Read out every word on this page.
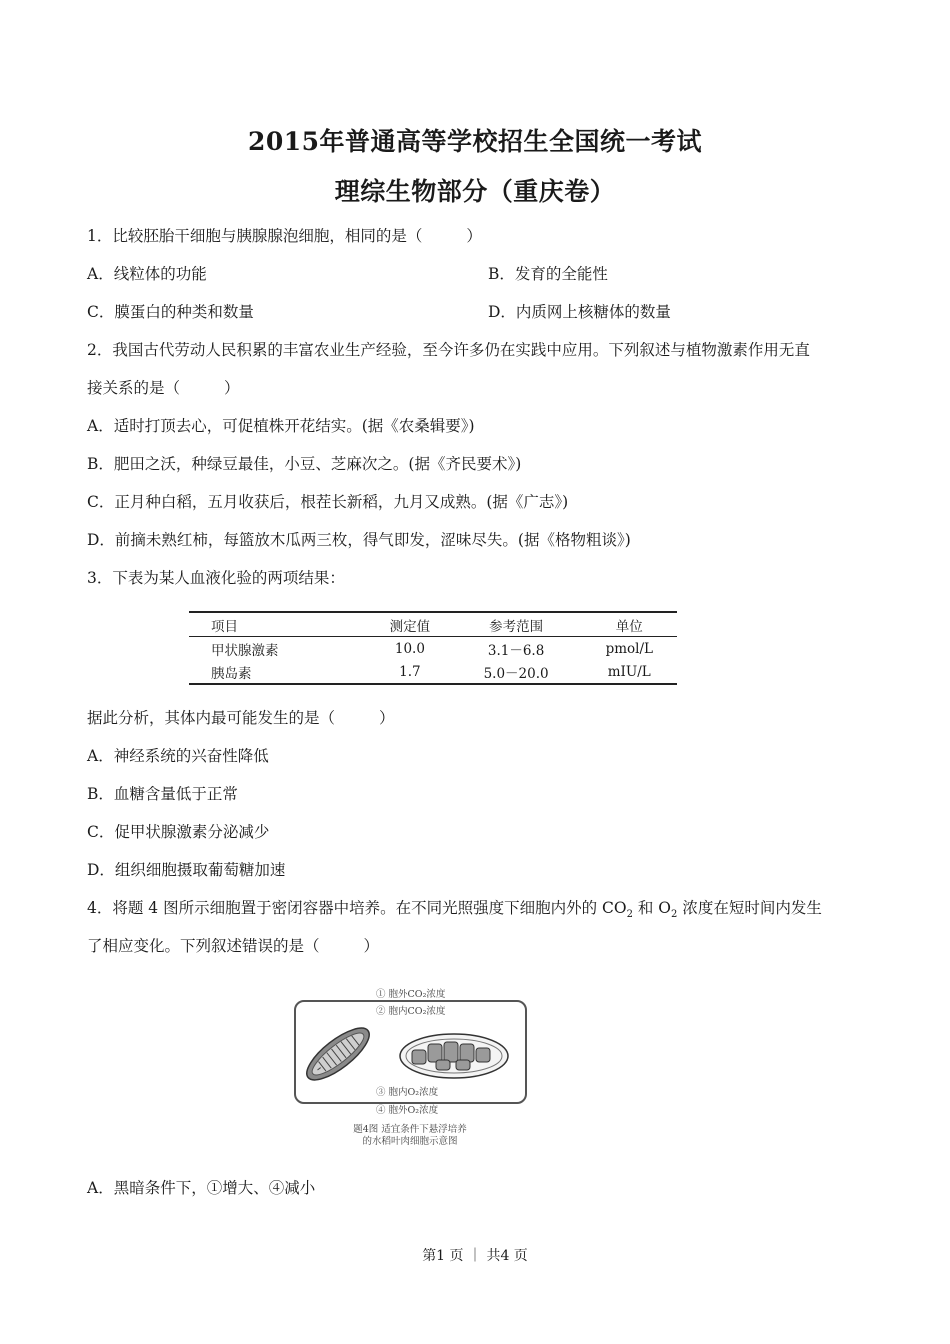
2015年普通高等学校招生全国统一考试
理综生物部分（重庆卷）
1．比较胚胎干细胞与胰腺腺泡细胞，相同的是（	）
A．线粒体的功能	B．发育的全能性
C．膜蛋白的种类和数量	D．内质网上核糖体的数量
2．我国古代劳动人民积累的丰富农业生产经验，至今许多仍在实践中应用。下列叙述与植物激素作用无直
接关系的是（	）
A．适时打顶去心，可促植株开花结实。(据《农桑辑要》)
B．肥田之沃，种绿豆最佳，小豆、芝麻次之。(据《齐民要术》)
C．正月种白稻，五月收获后，根茬长新稻，九月又成熟。(据《广志》)
D．前摘未熟红柿，每篮放木瓜两三枚，得气即发，涩味尽失。(据《格物粗谈》)
3．下表为某人血液化验的两项结果：
项目	测定值	参考范围	单位
甲状腺激素	10.0	3.1－6.8	pmol/L
胰岛素	1.7	5.0－20.0	mIU/L
据此分析，其体内最可能发生的是（	）
A．神经系统的兴奋性降低
B．血糖含量低于正常
C．促甲状腺激素分泌减少
D．组织细胞摄取葡萄糖加速
4．将题 4 图所示细胞置于密闭容器中培养。在不同光照强度下细胞内外的 $CO_2$ 和 $O_2$ 浓度在短时间内发生
了相应变化。下列叙述错误的是（	）
① 胞外CO₂浓度
② 胞内CO₂浓度
③ 胞内O₂浓度
④ 胞外O₂浓度
题4图 适宜条件下悬浮培养
的水稻叶肉细胞示意图
A．黑暗条件下，①增大、④减小
第1 页 ｜ 共4 页
